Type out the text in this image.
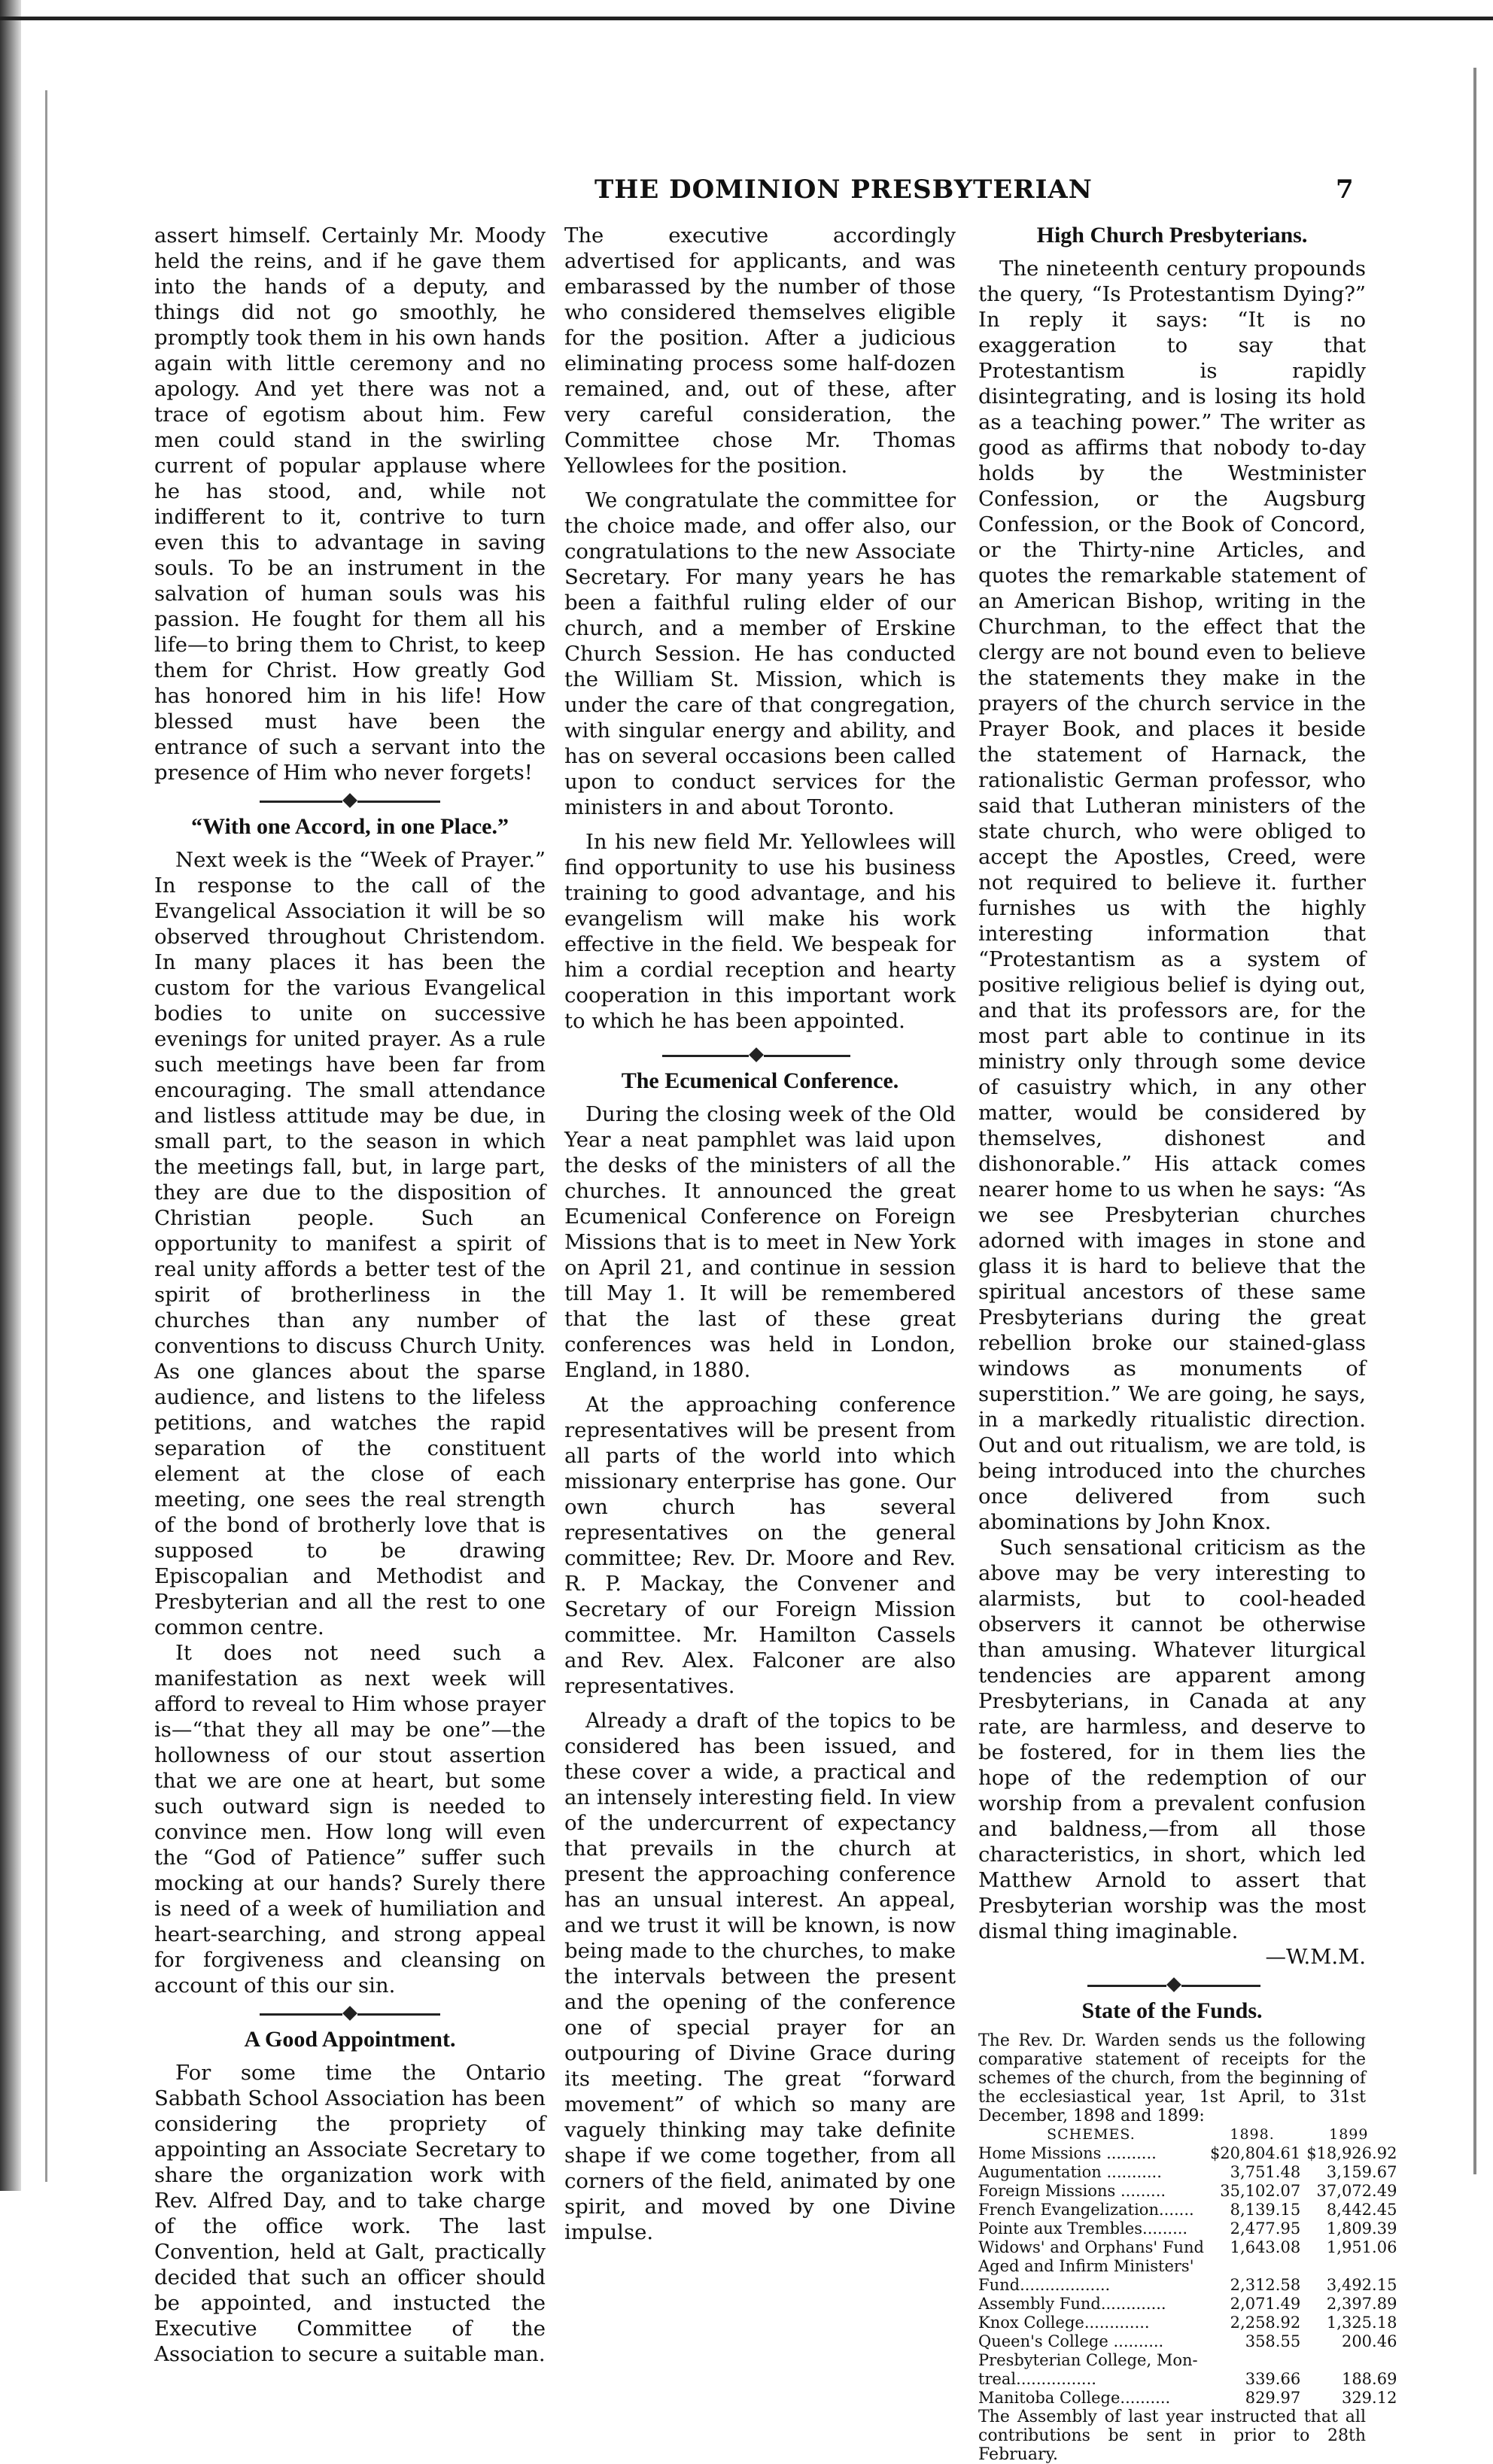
THE DOMINION PRESBYTERIAN	7

assert himself. Certainly Mr. Moody held the reins, and if he gave them into the hands of a deputy, and things did not go smoothly, he promptly took them in his own hands again with little ceremony and no apology. And yet there was not a trace of egotism about him. Few men could stand in the swirling current of popular applause where he has stood, and, while not indifferent to it, contrive to turn even this to advantage in saving souls. To be an instrument in the salvation of human souls was his passion. He fought for them all his life—to bring them to Christ, to keep them for Christ. How greatly God has honored him in his life! How blessed must have been the entrance of such a servant into the presence of Him who never forgets!

“With one Accord, in one Place.”

Next week is the “Week of Prayer.” In response to the call of the Evangelical Association it will be so observed throughout Christendom. In many places it has been the custom for the various Evangelical bodies to unite on successive evenings for united prayer. As a rule such meetings have been far from encouraging. The small attendance and listless attitude may be due, in small part, to the season in which the meetings fall, but, in large part, they are due to the disposition of Christian people. Such an opportunity to manifest a spirit of real unity affords a better test of the spirit of brotherliness in the churches than any number of conventions to discuss Church Unity. As one glances about the sparse audience, and listens to the lifeless petitions, and watches the rapid separation of the constituent element at the close of each meeting, one sees the real strength of the bond of brotherly love that is supposed to be drawing Episcopalian and Methodist and Presbyterian and all the rest to one common centre.

It does not need such a manifestation as next week will afford to reveal to Him whose prayer is—“that they all may be one”—the hollowness of our stout assertion that we are one at heart, but some such outward sign is needed to convince men. How long will even the “God of Patience” suffer such mocking at our hands? Surely there is need of a week of humiliation and heart-searching, and strong appeal for forgiveness and cleansing on account of this our sin.

A Good Appointment.

For some time the Ontario Sabbath School Association has been considering the propriety of appointing an Associate Secretary to share the organization work with Rev. Alfred Day, and to take charge of the office work. The last Convention, held at Galt, practically decided that such an officer should be appointed, and instucted the Executive Committee of the Association to secure a suitable man.

The executive accordingly advertised for applicants, and was embarassed by the number of those who considered themselves eligible for the position. After a judicious eliminating process some half-dozen remained, and, out of these, after very careful consideration, the Committee chose Mr. Thomas Yellowlees for the position.

We congratulate the committee for the choice made, and offer also, our congratulations to the new Associate Secretary. For many years he has been a faithful ruling elder of our church, and a member of Erskine Church Session. He has conducted the William St. Mission, which is under the care of that congregation, with singular energy and ability, and has on several occasions been called upon to conduct services for the ministers in and about Toronto.

In his new field Mr. Yellowlees will find opportunity to use his business training to good advantage, and his evangelism will make his work effective in the field. We bespeak for him a cordial reception and hearty cooperation in this important work to which he has been appointed.

The Ecumenical Conference.

During the closing week of the Old Year a neat pamphlet was laid upon the desks of the ministers of all the churches. It announced the great Ecumenical Conference on Foreign Missions that is to meet in New York on April 21, and continue in session till May 1. It will be remembered that the last of these great conferences was held in London, England, in 1880.

At the approaching conference representatives will be present from all parts of the world into which missionary enterprise has gone. Our own church has several representatives on the general committee; Rev. Dr. Moore and Rev. R. P. Mackay, the Convener and Secretary of our Foreign Mission committee. Mr. Hamilton Cassels and Rev. Alex. Falconer are also representatives.

Already a draft of the topics to be considered has been issued, and these cover a wide, a practical and an intensely interesting field. In view of the undercurrent of expectancy that prevails in the church at present the approaching conference has an unsual interest. An appeal, and we trust it will be known, is now being made to the churches, to make the intervals between the present and the opening of the conference one of special prayer for an outpouring of Divine Grace during its meeting. The great “forward movement” of which so many are vaguely thinking may take definite shape if we come together, from all corners of the field, animated by one spirit, and moved by one Divine impulse.

High Church Presbyterians.

The nineteenth century propounds the query, “Is Protestantism Dying?” In reply it says: “It is no exaggeration to say that Protestantism is rapidly disintegrating, and is losing its hold as a teaching power.” The writer as good as affirms that nobody to-day holds by the Westminister Confession, or the Augsburg Confession, or the Book of Concord, or the Thirty-nine Articles, and quotes the remarkable statement of an American Bishop, writing in the Churchman, to the effect that the clergy are not bound even to believe the statements they make in the prayers of the church service in the Prayer Book, and places it beside the statement of Harnack, the rationalistic German professor, who said that Lutheran ministers of the state church, who were obliged to accept the Apostles, Creed, were not required to believe it. further furnishes us with the highly interesting information that “Protestantism as a system of positive religious belief is dying out, and that its professors are, for the most part able to continue in its ministry only through some device of casuistry which, in any other matter, would be considered by themselves, dishonest and dishonorable.” His attack comes nearer home to us when he says: “As we see Presbyterian churches adorned with images in stone and glass it is hard to believe that the spiritual ancestors of these same Presbyterians during the great rebellion broke our stained-glass windows as monuments of superstition.” We are going, he says, in a markedly ritualistic direction. Out and out ritualism, we are told, is being introduced into the churches once delivered from such abominations by John Knox.

Such sensational criticism as the above may be very interesting to alarmists, but to cool-headed observers it cannot be otherwise than amusing. Whatever liturgical tendencies are apparent among Presbyterians, in Canada at any rate, are harmless, and deserve to be fostered, for in them lies the hope of the redemption of our worship from a prevalent confusion and baldness,—from all those characteristics, in short, which led Matthew Arnold to assert that Presbyterian worship was the most dismal thing imaginable.

—W.M.M.

State of the Funds.

The Rev. Dr. Warden sends us the following comparative statement of receipts for the schemes of the church, from the beginning of the ecclesiastical year, 1st April, to 31st December, 1898 and 1899:

SCHEMES.	1898.	1899
Home Missions ..........	$20,804.61	$18,926.92
Augumentation ...........	3,751.48	3,159.67
Foreign Missions .........	35,102.07	37,072.49
French Evangelization.......	8,139.15	8,442.45
Pointe aux Trembles.........	2,477.95	1,809.39
Widows' and Orphans' Fund	1,643.08	1,951.06
Aged and Infirm Ministers'		
Fund..................	2,312.58	3,492.15
Assembly Fund.............	2,071.49	2,397.89
Knox College.............	2,258.92	1,325.18
Queen's College ..........	358.55	200.46
Presbyterian College, Mon-		
treal................	339.66	188.69
Manitoba College..........	829.97	329.12

The Assembly of last year instructed that all contributions be sent in prior to 28th February.
